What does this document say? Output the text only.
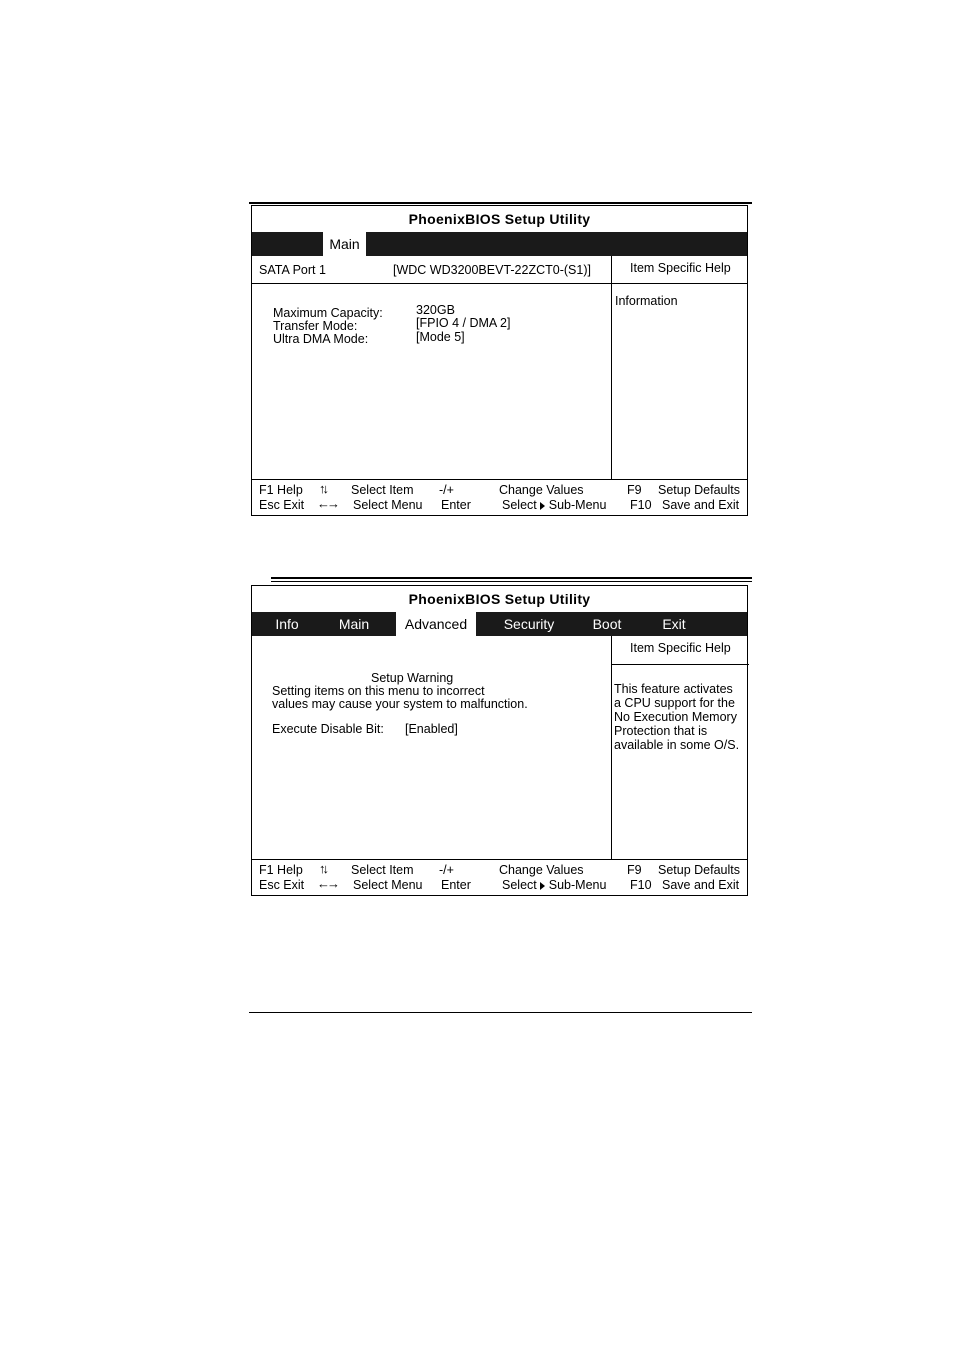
PhoenixBIOS Setup Utility
Main
SATA Port 1	[WDC WD3200BEVT-22ZCT0-(S1)]	Item Specific Help
Information
Maximum Capacity:	320GB
Transfer Mode:	[FPIO 4 / DMA 2]
Ultra DMA Mode:	[Mode 5]
F1 Help ↑↓ Select Item -/+	Change Values	F9 Setup Defaults
Esc Exit ←→ Select Menu Enter Select Sub-Menu F10 Save and Exit
PhoenixBIOS Setup Utility
Info	Main	Advanced	Security	Boot	Exit
Item Specific Help
This feature activates
a CPU support for the
No Execution Memory
Protection that is
available in some O/S.
Setup Warning
Setting items on this menu to incorrect
values may cause your system to malfunction.
Execute Disable Bit: [Enabled]
F1 Help ↑↓ Select Item -/+	Change Values	F9 Setup Defaults
Esc Exit ←→ Select Menu Enter Select Sub-Menu F10 Save and Exit
